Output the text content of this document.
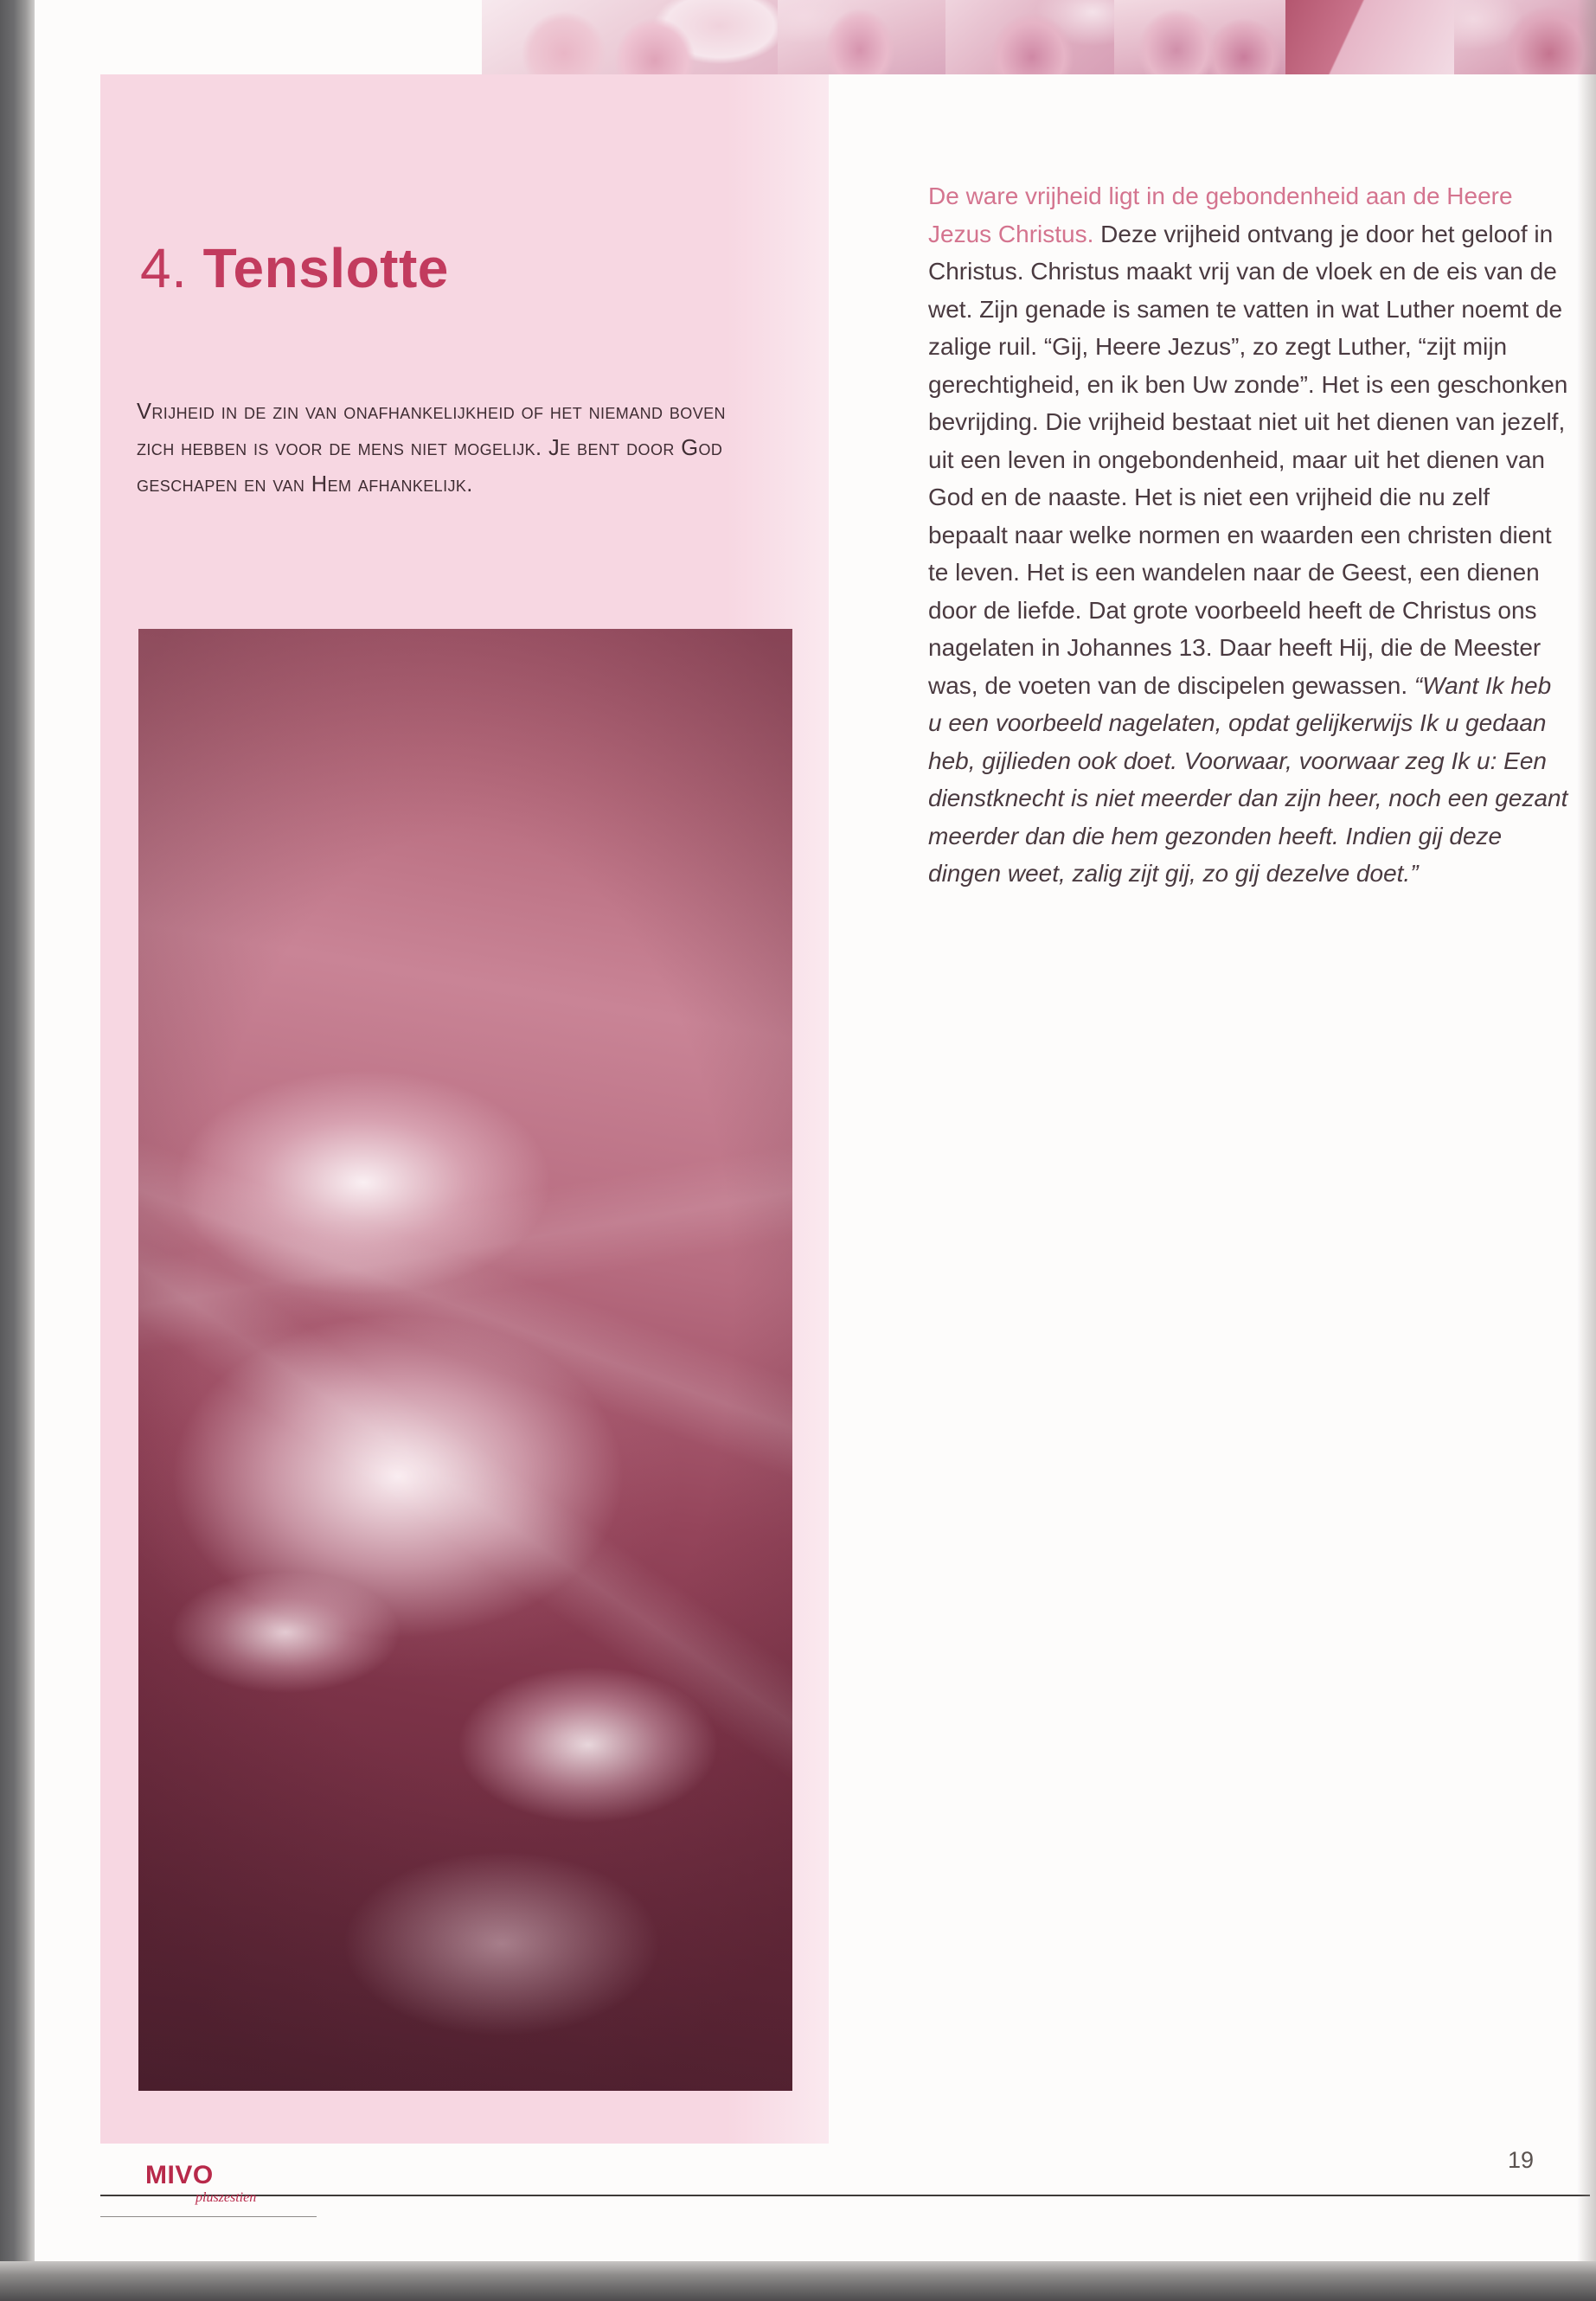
4. Tenslotte
Vrijheid in de zin van onafhankelijkheid of het niemand boven zich hebben is voor de mens niet mogelijk. Je bent door God geschapen en van Hem afhankelijk.

De ware vrijheid ligt in de gebondenheid aan de Heere Jezus Christus. Deze vrijheid ontvang je door het geloof in Christus. Christus maakt vrij van de vloek en de eis van de wet. Zijn genade is samen te vatten in wat Luther noemt de zalige ruil. “Gij, Heere Jezus”, zo zegt Luther, “zijt mijn gerechtigheid, en ik ben Uw zonde”. Het is een geschonken bevrijding. Die vrijheid bestaat niet uit het dienen van jezelf, uit een leven in ongebondenheid, maar uit het dienen van God en de naaste. Het is niet een vrijheid die nu zelf bepaalt naar welke normen en waarden een christen dient te leven. Het is een wandelen naar de Geest, een dienen door de liefde. Dat grote voorbeeld heeft de Christus ons nagelaten in Johannes 13. Daar heeft Hij, die de Meester was, de voeten van de discipelen gewassen. “Want Ik heb u een voorbeeld nagelaten, opdat gelijkerwijs Ik u gedaan heb, gijlieden ook doet. Voorwaar, voorwaar zeg Ik u: Een dienstknecht is niet meerder dan zijn heer, noch een gezant meerder dan die hem gezonden heeft. Indien gij deze dingen weet, zalig zijt gij, zo gij dezelve doet.”

MIVO
pluszestien
19
